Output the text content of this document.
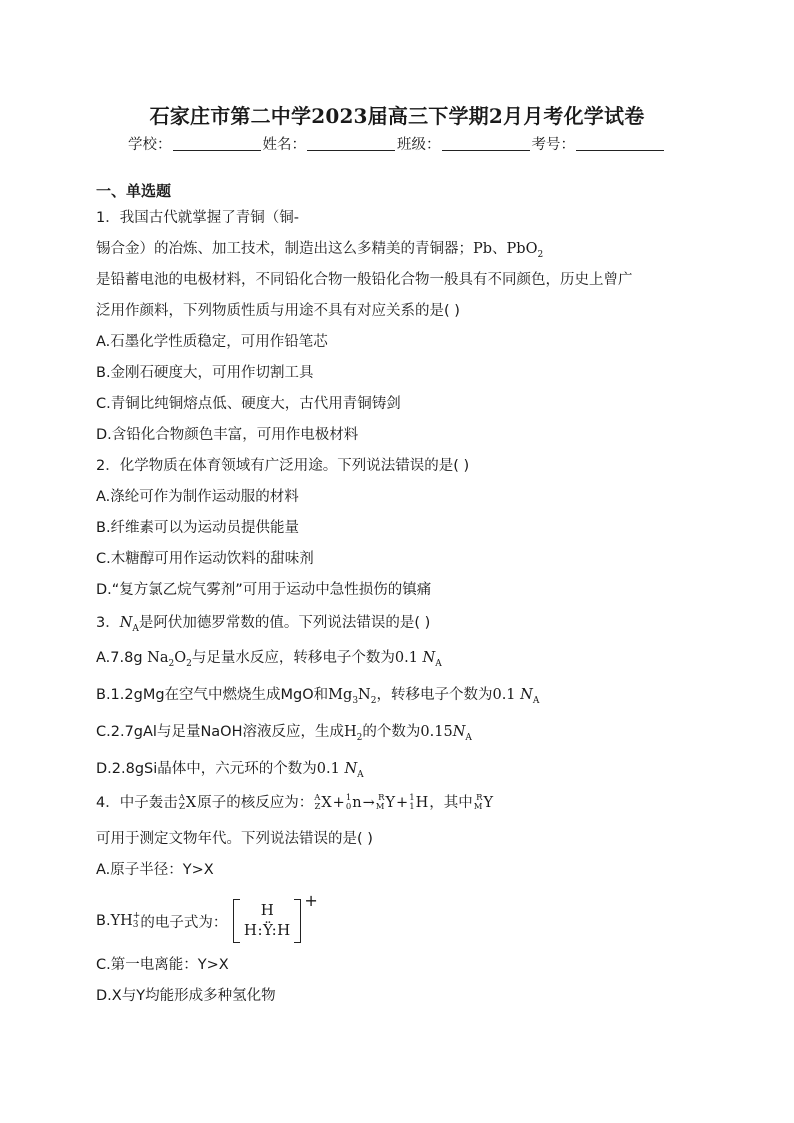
石家庄市第二中学2023届高三下学期2月月考化学试卷
学校：	姓名：	班级：	考号：
一、单选题
1．我国古代就掌握了青铜（铜-
锡合金）的冶炼、加工技术，制造出这么多精美的青铜器；Pb、PbO$_2$
是铅蓄电池的电极材料，不同铅化合物一般铅化合物一般具有不同颜色，历史上曾广
泛用作颜料，下列物质性质与用途不具有对应关系的是( )
A.石墨化学性质稳定，可用作铅笔芯
B.金刚石硬度大，可用作切割工具
C.青铜比纯铜熔点低、硬度大，古代用青铜铸剑
D.含铅化合物颜色丰富，可用作电极材料
2．化学物质在体育领域有广泛用途。下列说法错误的是( )
A.涤纶可作为制作运动服的材料
B.纤维素可以为运动员提供能量
C.木糖醇可用作运动饮料的甜味剂
D.“复方氯乙烷气雾剂”可用于运动中急性损伤的镇痛
3．$N_A$是阿伏加德罗常数的值。下列说法错误的是( )
A.7.8g $Na_2O_2$与足量水反应，转移电子个数为0.1 $N_A$
B.1.2gMg在空气中燃烧生成MgO和$Mg_3N_2$，转移电子个数为0.1 $N_A$
C.2.7gAl与足量NaOH溶液反应，生成$H_2$的个数为$0.15N_A$
D.2.8gSi晶体中，六元环的个数为0.1 $N_A$
4．中子轰击 A
Z X 原子的核反应为： A
Z X + 1
0 n → R
M Y + 1
1 H ，其中 R
M Y
可用于测定文物年代。下列说法错误的是( )
A.原子半径：Y>X
B. YH +
3 的电子式为：
H
H:Ÿ:H
+
C.第一电离能：Y>X
D.X与Y均能形成多种氢化物
